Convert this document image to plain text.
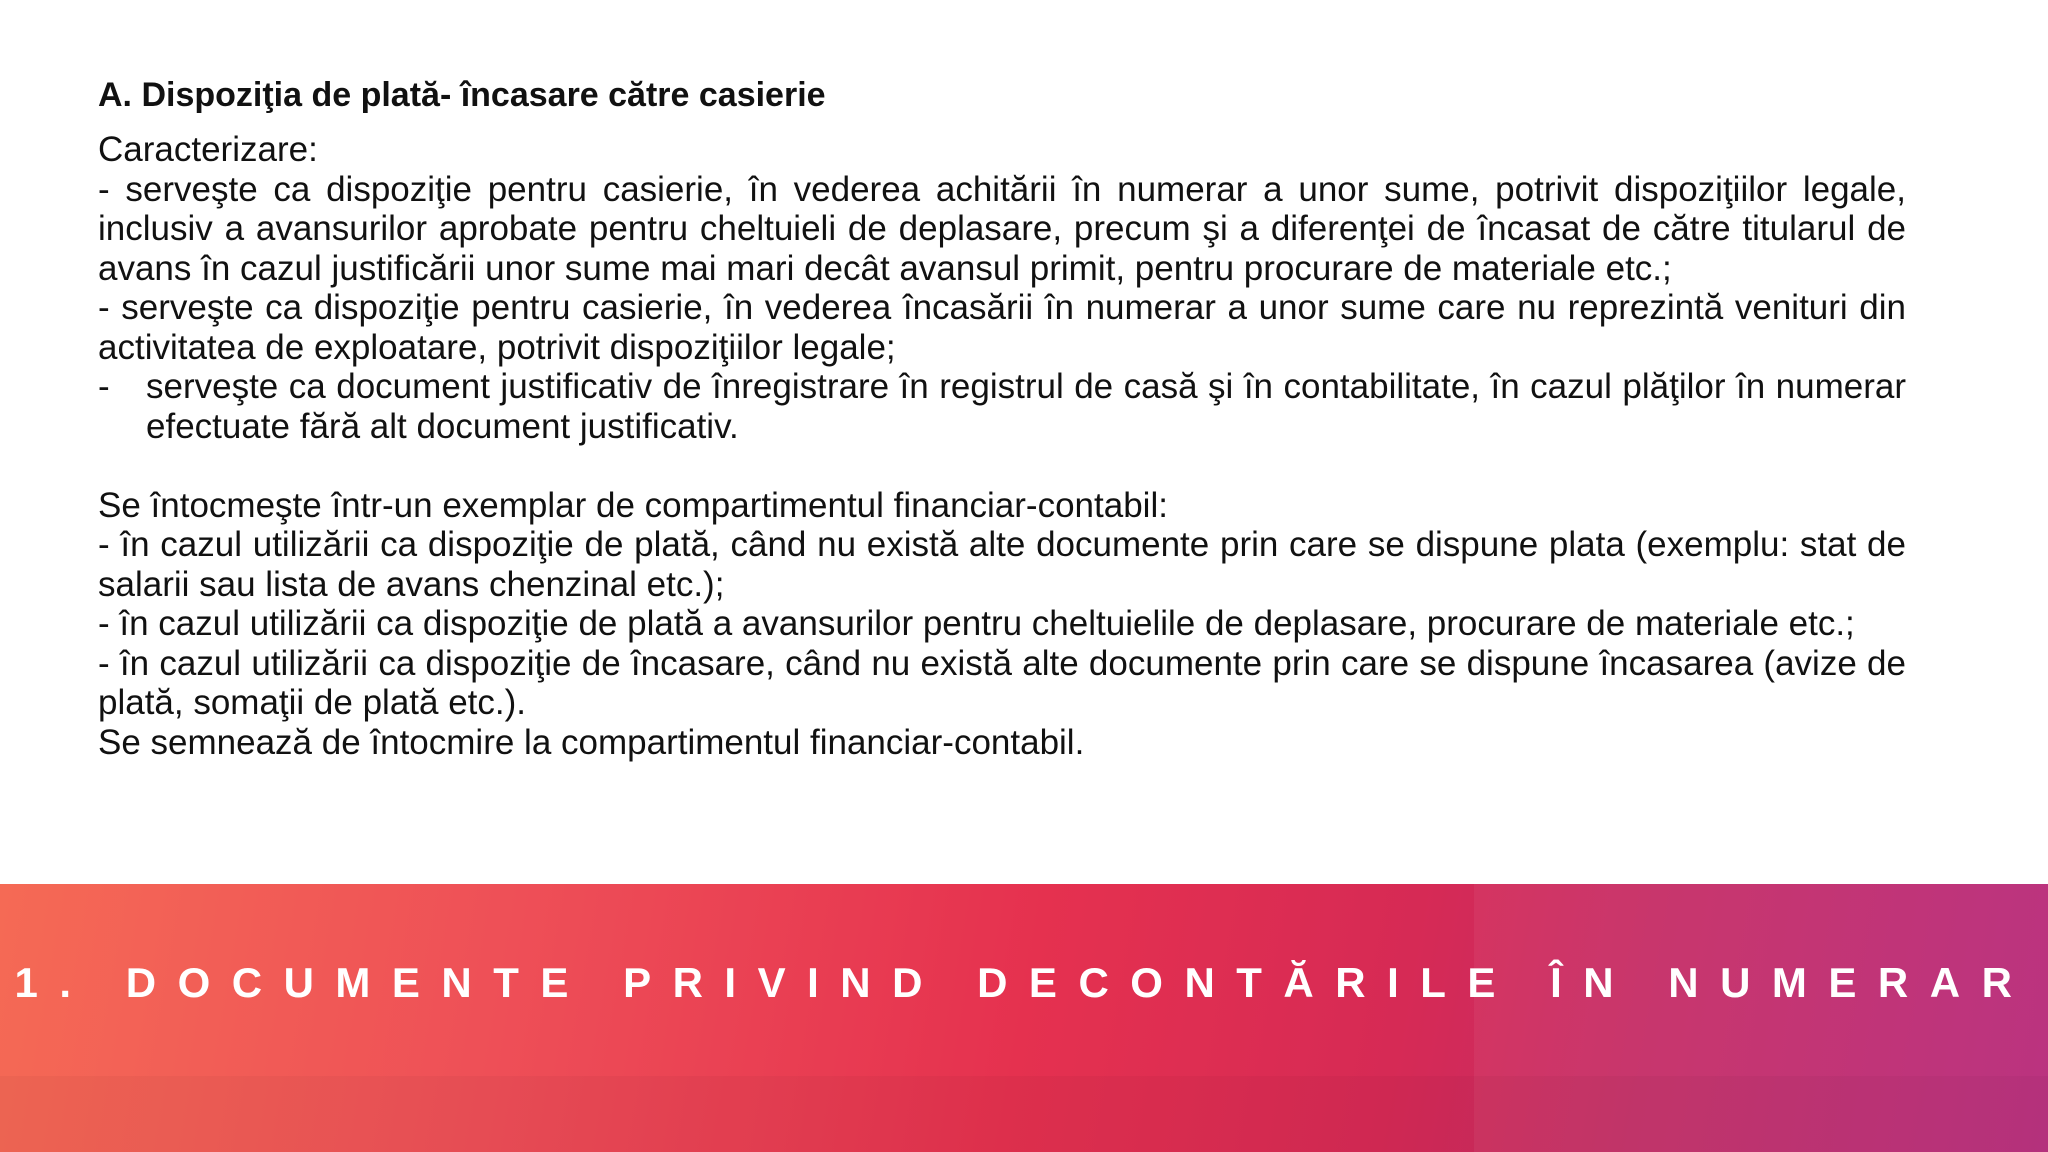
A. Dispoziţia de plată- încasare către casierie

Caracterizare:

- serveşte ca dispoziţie pentru casierie, în vederea achitării în numerar a unor sume, potrivit dispoziţiilor legale, inclusiv a avansurilor aprobate pentru cheltuieli de deplasare, precum şi a diferenţei de încasat de către titularul de avans în cazul justificării unor sume mai mari decât avansul primit, pentru procurare de materiale etc.;

- serveşte ca dispoziţie pentru casierie, în vederea încasării în numerar a unor sume care nu reprezintă venituri din activitatea de exploatare, potrivit dispoziţiilor legale;

-	serveşte ca document justificativ de înregistrare în registrul de casă şi în contabilitate, în cazul plăţilor în numerar efectuate fără alt document justificativ.

Se întocmeşte într-un exemplar de compartimentul financiar-contabil:

- în cazul utilizării ca dispoziţie de plată, când nu există alte documente prin care se dispune plata (exemplu: stat de salarii sau lista de avans chenzinal etc.);

- în cazul utilizării ca dispoziţie de plată a avansurilor pentru cheltuielile de deplasare, procurare de materiale etc.;

- în cazul utilizării ca dispoziţie de încasare, când nu există alte documente prin care se dispune încasarea (avize de plată, somaţii de plată etc.).

Se semnează de întocmire la compartimentul financiar-contabil.

1. DOCUMENTE PRIVIND DECONTĂRILE ÎN NUMERAR
